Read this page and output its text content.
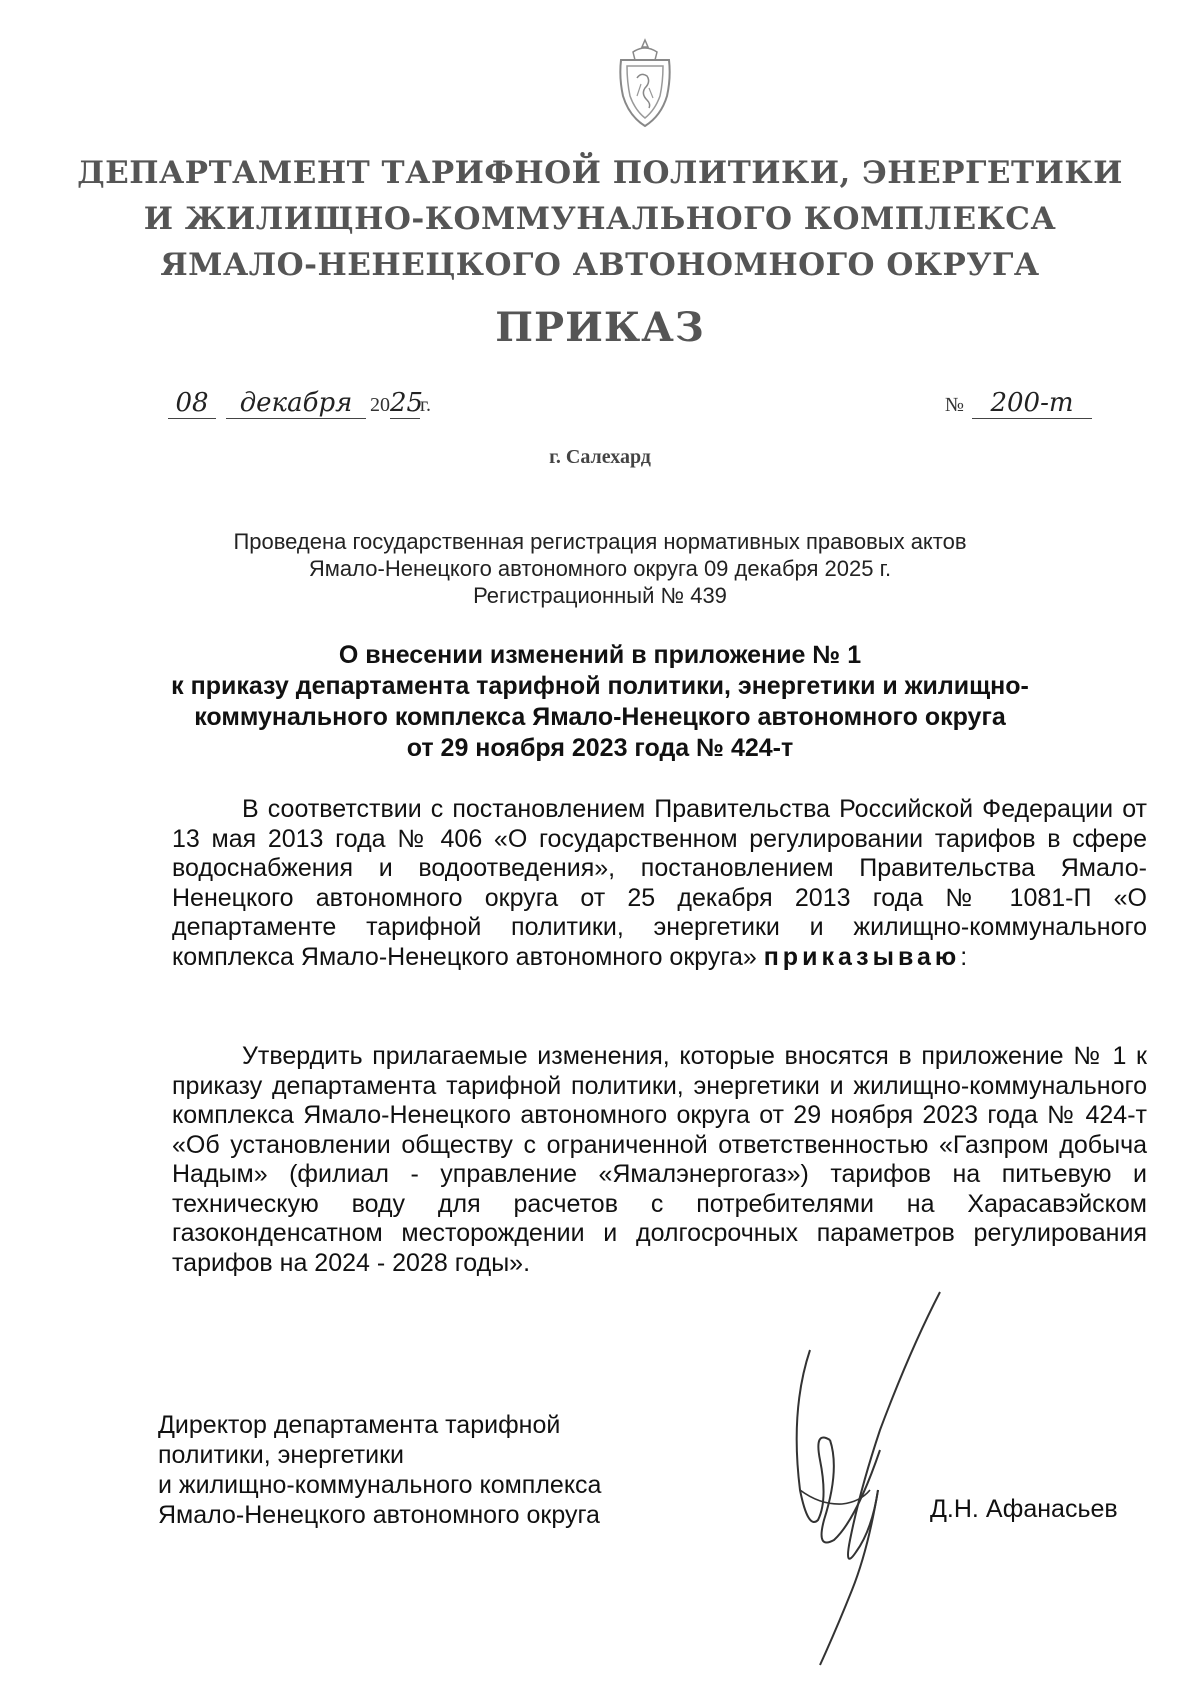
ДЕПАРТАМЕНТ ТАРИФНОЙ ПОЛИТИКИ, ЭНЕРГЕТИКИ
И ЖИЛИЩНО-КОММУНАЛЬНОГО КОМПЛЕКСА
ЯМАЛО-НЕНЕЦКОГО АВТОНОМНОГО ОКРУГА
ПРИКАЗ
08 декабря 2025г.	№ 200-т
г. Салехард
Проведена государственная регистрация нормативных правовых актов
Ямало-Ненецкого автономного округа 09 декабря 2025 г.
Регистрационный № 439
О внесении изменений в приложение № 1
к приказу департамента тарифной политики, энергетики и жилищно-
коммунального комплекса Ямало-Ненецкого автономного округа
от 29 ноября 2023 года № 424-т
В соответствии с постановлением Правительства Российской Федерации от 13 мая 2013 года № 406 «О государственном регулировании тарифов в сфере водоснабжения и водоотведения», постановлением Правительства Ямало-Ненецкого автономного округа от 25 декабря 2013 года № 1081-П «О департаменте тарифной политики, энергетики и жилищно-коммунального комплекса Ямало-Ненецкого автономного округа» приказываю:
Утвердить прилагаемые изменения, которые вносятся в приложение № 1 к приказу департамента тарифной политики, энергетики и жилищно-коммунального комплекса Ямало-Ненецкого автономного округа от 29 ноября 2023 года № 424-т «Об установлении обществу с ограниченной ответственностью «Газпром добыча Надым» (филиал - управление «Ямалэнергогаз») тарифов на питьевую и техническую воду для расчетов с потребителями на Харасавэйском газоконденсатном месторождении и долгосрочных параметров регулирования тарифов на 2024 - 2028 годы».
Директор департамента тарифной
политики, энергетики
и жилищно-коммунального комплекса
Ямало-Ненецкого автономного округа	Д.Н. Афанасьев
